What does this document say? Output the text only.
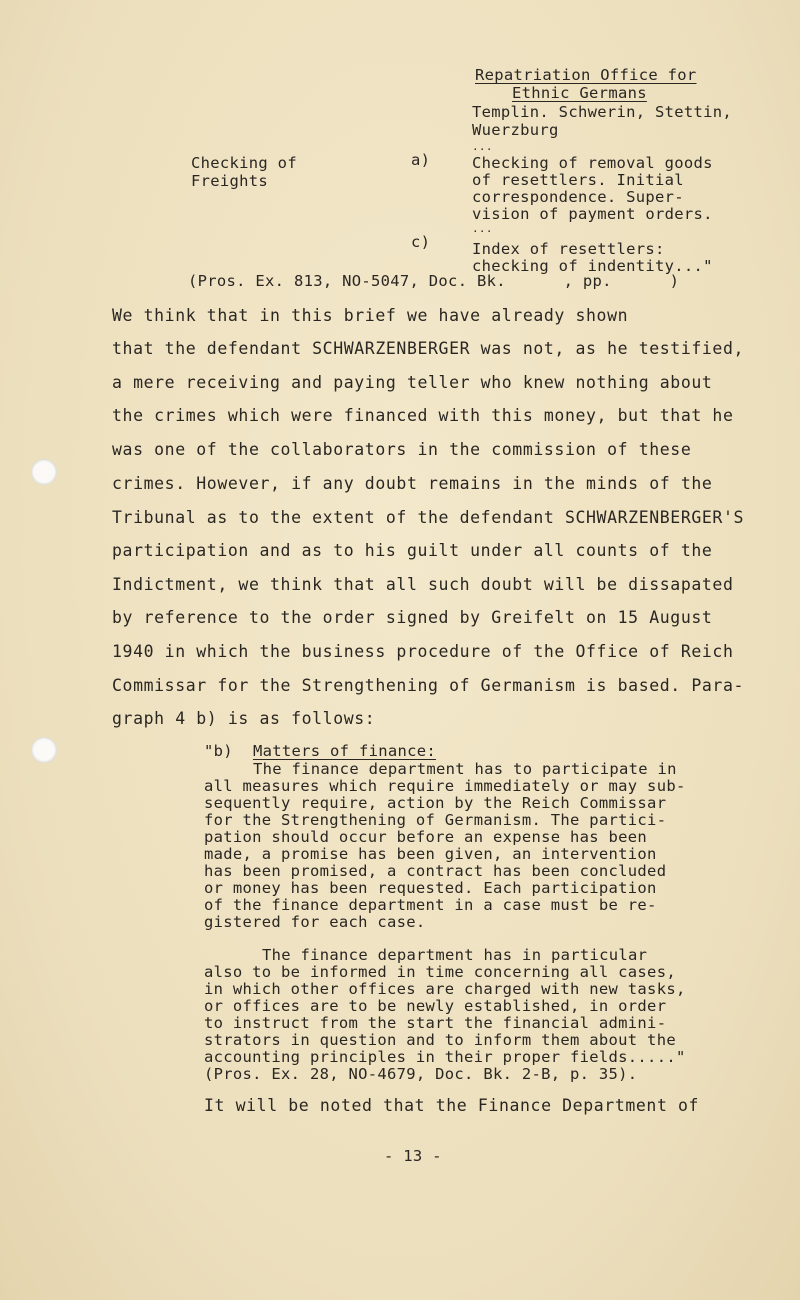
Repatriation Office for
Ethnic Germans
Templin. Schwerin, Stettin,
Wuerzburg
...
Checking of
Freights
a)	Checking of removal goods
of resettlers. Initial
correspondence. Super-
vision of payment orders.
...
c)	Index of resettlers:
checking of indentity..."
(Pros. Ex. 813, NO-5047, Doc. Bk.      , pp.      )
We think that in this brief we have already shown
that the defendant SCHWARZENBERGER was not, as he testified,
a mere receiving and paying teller who knew nothing about
the crimes which were financed with this money, but that he
was one of the collaborators in the commission of these
crimes. However, if any doubt remains in the minds of the
Tribunal as to the extent of the defendant SCHWARZENBERGER'S
participation and as to his guilt under all counts of the
Indictment, we think that all such doubt will be dissapated
by reference to the order signed by Greifelt on 15 August
1940 in which the business procedure of the Office of Reich
Commissar for the Strengthening of Germanism is based. Para-
graph 4 b) is as follows:
"b) Matters of finance:
The finance department has to participate in
all measures which require immediately or may sub-
sequently require, action by the Reich Commissar
for the Strengthening of Germanism. The partici-
pation should occur before an expense has been
made, a promise has been given, an intervention
has been promised, a contract has been concluded
or money has been requested. Each participation
of the finance department in a case must be re-
gistered for each case.
The finance department has in particular
also to be informed in time concerning all cases,
in which other offices are charged with new tasks,
or offices are to be newly established, in order
to instruct from the start the financial admini-
strators in question and to inform them about the
accounting principles in their proper fields....."
(Pros. Ex. 28, NO-4679, Doc. Bk. 2-B, p. 35).
It will be noted that the Finance Department of
- 13 -
